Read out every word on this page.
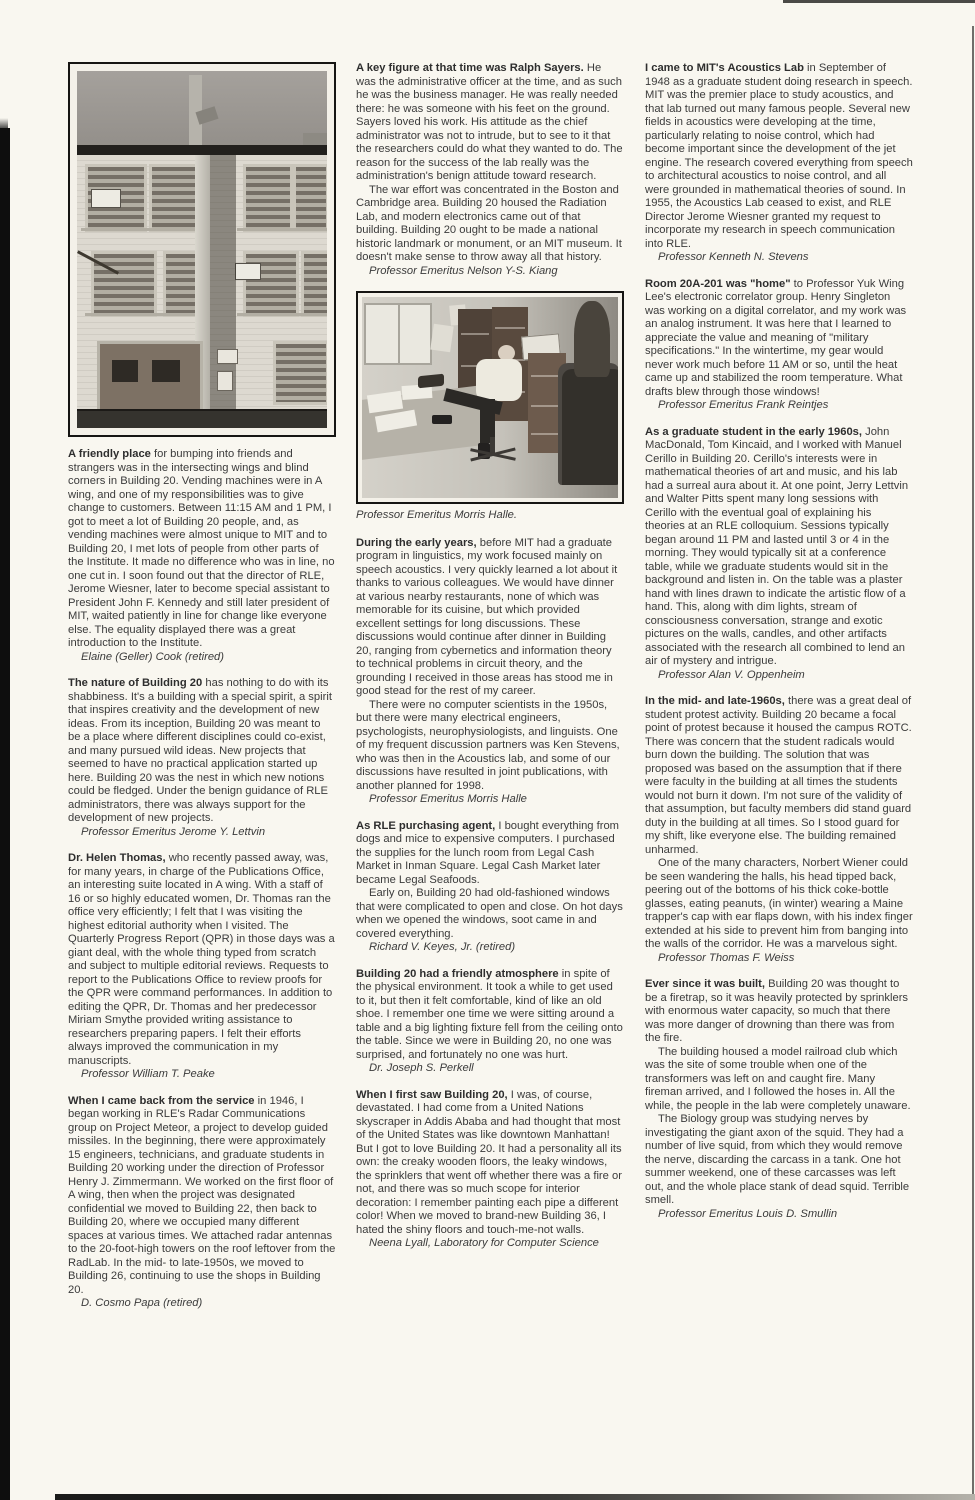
A friendly place for bumping into friends and strangers was in the intersecting wings and blind corners in Building 20. Vending machines were in A wing, and one of my responsibilities was to give change to customers. Between 11:15 AM and 1 PM, I got to meet a lot of Building 20 people, and, as vending machines were almost unique to MIT and to Building 20, I met lots of people from other parts of the Institute. It made no difference who was in line, no one cut in. I soon found out that the director of RLE, Jerome Wiesner, later to become special assistant to President John F. Kennedy and still later president of MIT, waited patiently in line for change like everyone else. The equality displayed there was a great introduction to the Institute.

Elaine (Geller) Cook (retired)

The nature of Building 20 has nothing to do with its shabbiness. It's a building with a special spirit, a spirit that inspires creativity and the development of new ideas. From its inception, Building 20 was meant to be a place where different disciplines could co-exist, and many pursued wild ideas. New projects that seemed to have no practical application started up here. Building 20 was the nest in which new notions could be fledged. Under the benign guidance of RLE administrators, there was always support for the development of new projects.

Professor Emeritus Jerome Y. Lettvin

Dr. Helen Thomas, who recently passed away, was, for many years, in charge of the Publications Office, an interesting suite located in A wing. With a staff of 16 or so highly educated women, Dr. Thomas ran the office very efficiently; I felt that I was visiting the highest editorial authority when I visited. The Quarterly Progress Report (QPR) in those days was a giant deal, with the whole thing typed from scratch and subject to multiple editorial reviews. Requests to report to the Publications Office to review proofs for the QPR were command performances. In addition to editing the QPR, Dr. Thomas and her predecessor Miriam Smythe provided writing assistance to researchers preparing papers. I felt their efforts always improved the communication in my manuscripts.

Professor William T. Peake

When I came back from the service in 1946, I began working in RLE's Radar Communications group on Project Meteor, a project to develop guided missiles. In the beginning, there were approximately 15 engineers, technicians, and graduate students in Building 20 working under the direction of Professor Henry J. Zimmermann. We worked on the first floor of A wing, then when the project was designated confidential we moved to Building 22, then back to Building 20, where we occupied many different spaces at various times. We attached radar antennas to the 20-foot-high towers on the roof leftover from the RadLab. In the mid- to late-1950s, we moved to Building 26, continuing to use the shops in Building 20.

D. Cosmo Papa (retired)

A key figure at that time was Ralph Sayers. He was the administrative officer at the time, and as such he was the business manager. He was really needed there: he was someone with his feet on the ground. Sayers loved his work. His attitude as the chief administrator was not to intrude, but to see to it that the researchers could do what they wanted to do. The reason for the success of the lab really was the administration's benign attitude toward research.

The war effort was concentrated in the Boston and Cambridge area. Building 20 housed the Radiation Lab, and modern electronics came out of that building. Building 20 ought to be made a national historic landmark or monument, or an MIT museum. It doesn't make sense to throw away all that history.

Professor Emeritus Nelson Y-S. Kiang

Professor Emeritus Morris Halle.

During the early years, before MIT had a graduate program in linguistics, my work focused mainly on speech acoustics. I very quickly learned a lot about it thanks to various colleagues. We would have dinner at various nearby restaurants, none of which was memorable for its cuisine, but which provided excellent settings for long discussions. These discussions would continue after dinner in Building 20, ranging from cybernetics and information theory to technical problems in circuit theory, and the grounding I received in those areas has stood me in good stead for the rest of my career.

There were no computer scientists in the 1950s, but there were many electrical engineers, psychologists, neurophysiologists, and linguists. One of my frequent discussion partners was Ken Stevens, who was then in the Acoustics lab, and some of our discussions have resulted in joint publications, with another planned for 1998.

Professor Emeritus Morris Halle

As RLE purchasing agent, I bought everything from dogs and mice to expensive computers. I purchased the supplies for the lunch room from Legal Cash Market in Inman Square. Legal Cash Market later became Legal Seafoods.

Early on, Building 20 had old-fashioned windows that were complicated to open and close. On hot days when we opened the windows, soot came in and covered everything.

Richard V. Keyes, Jr. (retired)

Building 20 had a friendly atmosphere in spite of the physical environment. It took a while to get used to it, but then it felt comfortable, kind of like an old shoe. I remember one time we were sitting around a table and a big lighting fixture fell from the ceiling onto the table. Since we were in Building 20, no one was surprised, and fortunately no one was hurt.

Dr. Joseph S. Perkell

When I first saw Building 20, I was, of course, devastated. I had come from a United Nations skyscraper in Addis Ababa and had thought that most of the United States was like downtown Manhattan! But I got to love Building 20. It had a personality all its own: the creaky wooden floors, the leaky windows, the sprinklers that went off whether there was a fire or not, and there was so much scope for interior decoration: I remember painting each pipe a different color! When we moved to brand-new Building 36, I hated the shiny floors and touch-me-not walls.

Neena Lyall, Laboratory for Computer Science

I came to MIT's Acoustics Lab in September of 1948 as a graduate student doing research in speech. MIT was the premier place to study acoustics, and that lab turned out many famous people. Several new fields in acoustics were developing at the time, particularly relating to noise control, which had become important since the development of the jet engine. The research covered everything from speech to architectural acoustics to noise control, and all were grounded in mathematical theories of sound. In 1955, the Acoustics Lab ceased to exist, and RLE Director Jerome Wiesner granted my request to incorporate my research in speech communication into RLE.

Professor Kenneth N. Stevens

Room 20A-201 was "home" to Professor Yuk Wing Lee's electronic correlator group. Henry Singleton was working on a digital correlator, and my work was an analog instrument. It was here that I learned to appreciate the value and meaning of "military specifications." In the wintertime, my gear would never work much before 11 AM or so, until the heat came up and stabilized the room temperature. What drafts blew through those windows!

Professor Emeritus Frank Reintjes

As a graduate student in the early 1960s, John MacDonald, Tom Kincaid, and I worked with Manuel Cerillo in Building 20. Cerillo's interests were in mathematical theories of art and music, and his lab had a surreal aura about it. At one point, Jerry Lettvin and Walter Pitts spent many long sessions with Cerillo with the eventual goal of explaining his theories at an RLE colloquium. Sessions typically began around 11 PM and lasted until 3 or 4 in the morning. They would typically sit at a conference table, while we graduate students would sit in the background and listen in. On the table was a plaster hand with lines drawn to indicate the artistic flow of a hand. This, along with dim lights, stream of consciousness conversation, strange and exotic pictures on the walls, candles, and other artifacts associated with the research all combined to lend an air of mystery and intrigue.

Professor Alan V. Oppenheim

In the mid- and late-1960s, there was a great deal of student protest activity. Building 20 became a focal point of protest because it housed the campus ROTC. There was concern that the student radicals would burn down the building. The solution that was proposed was based on the assumption that if there were faculty in the building at all times the students would not burn it down. I'm not sure of the validity of that assumption, but faculty members did stand guard duty in the building at all times. So I stood guard for my shift, like everyone else. The building remained unharmed.

One of the many characters, Norbert Wiener could be seen wandering the halls, his head tipped back, peering out of the bottoms of his thick coke-bottle glasses, eating peanuts, (in winter) wearing a Maine trapper's cap with ear flaps down, with his index finger extended at his side to prevent him from banging into the walls of the corridor. He was a marvelous sight.

Professor Thomas F. Weiss

Ever since it was built, Building 20 was thought to be a firetrap, so it was heavily protected by sprinklers with enormous water capacity, so much that there was more danger of drowning than there was from the fire.

The building housed a model railroad club which was the site of some trouble when one of the transformers was left on and caught fire. Many fireman arrived, and I followed the hoses in. All the while, the people in the lab were completely unaware.

The Biology group was studying nerves by investigating the giant axon of the squid. They had a number of live squid, from which they would remove the nerve, discarding the carcass in a tank. One hot summer weekend, one of these carcasses was left out, and the whole place stank of dead squid. Terrible smell.

Professor Emeritus Louis D. Smullin
